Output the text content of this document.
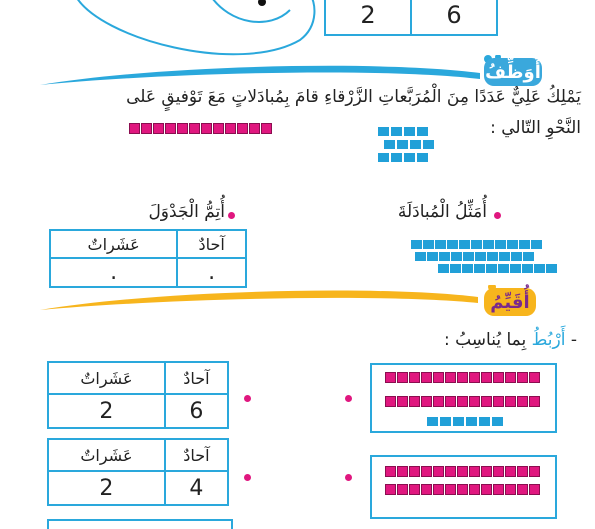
2	6
أُوَظِّفُ
يَمْلِكُ عَلِيٌّ عَدَدًا مِنَ الْمُرَبَّعاتِ الزَّرْقاءِ قامَ بِمُبادَلاتٍ مَعَ تَوْفيقٍ عَلى
النَّحْوِ التّالي :
أُتِمُّ الْجَدْوَلَ	أُمَثِّلُ الْمُبادَلَةَ
آحادٌ	عَشَراتٌ
.	.
أُقَيِّمُ
- أَرْبُطُ بِما يُناسِبُ :
آحادٌ	عَشَراتٌ
6	2
آحادٌ	عَشَراتٌ
4	2
